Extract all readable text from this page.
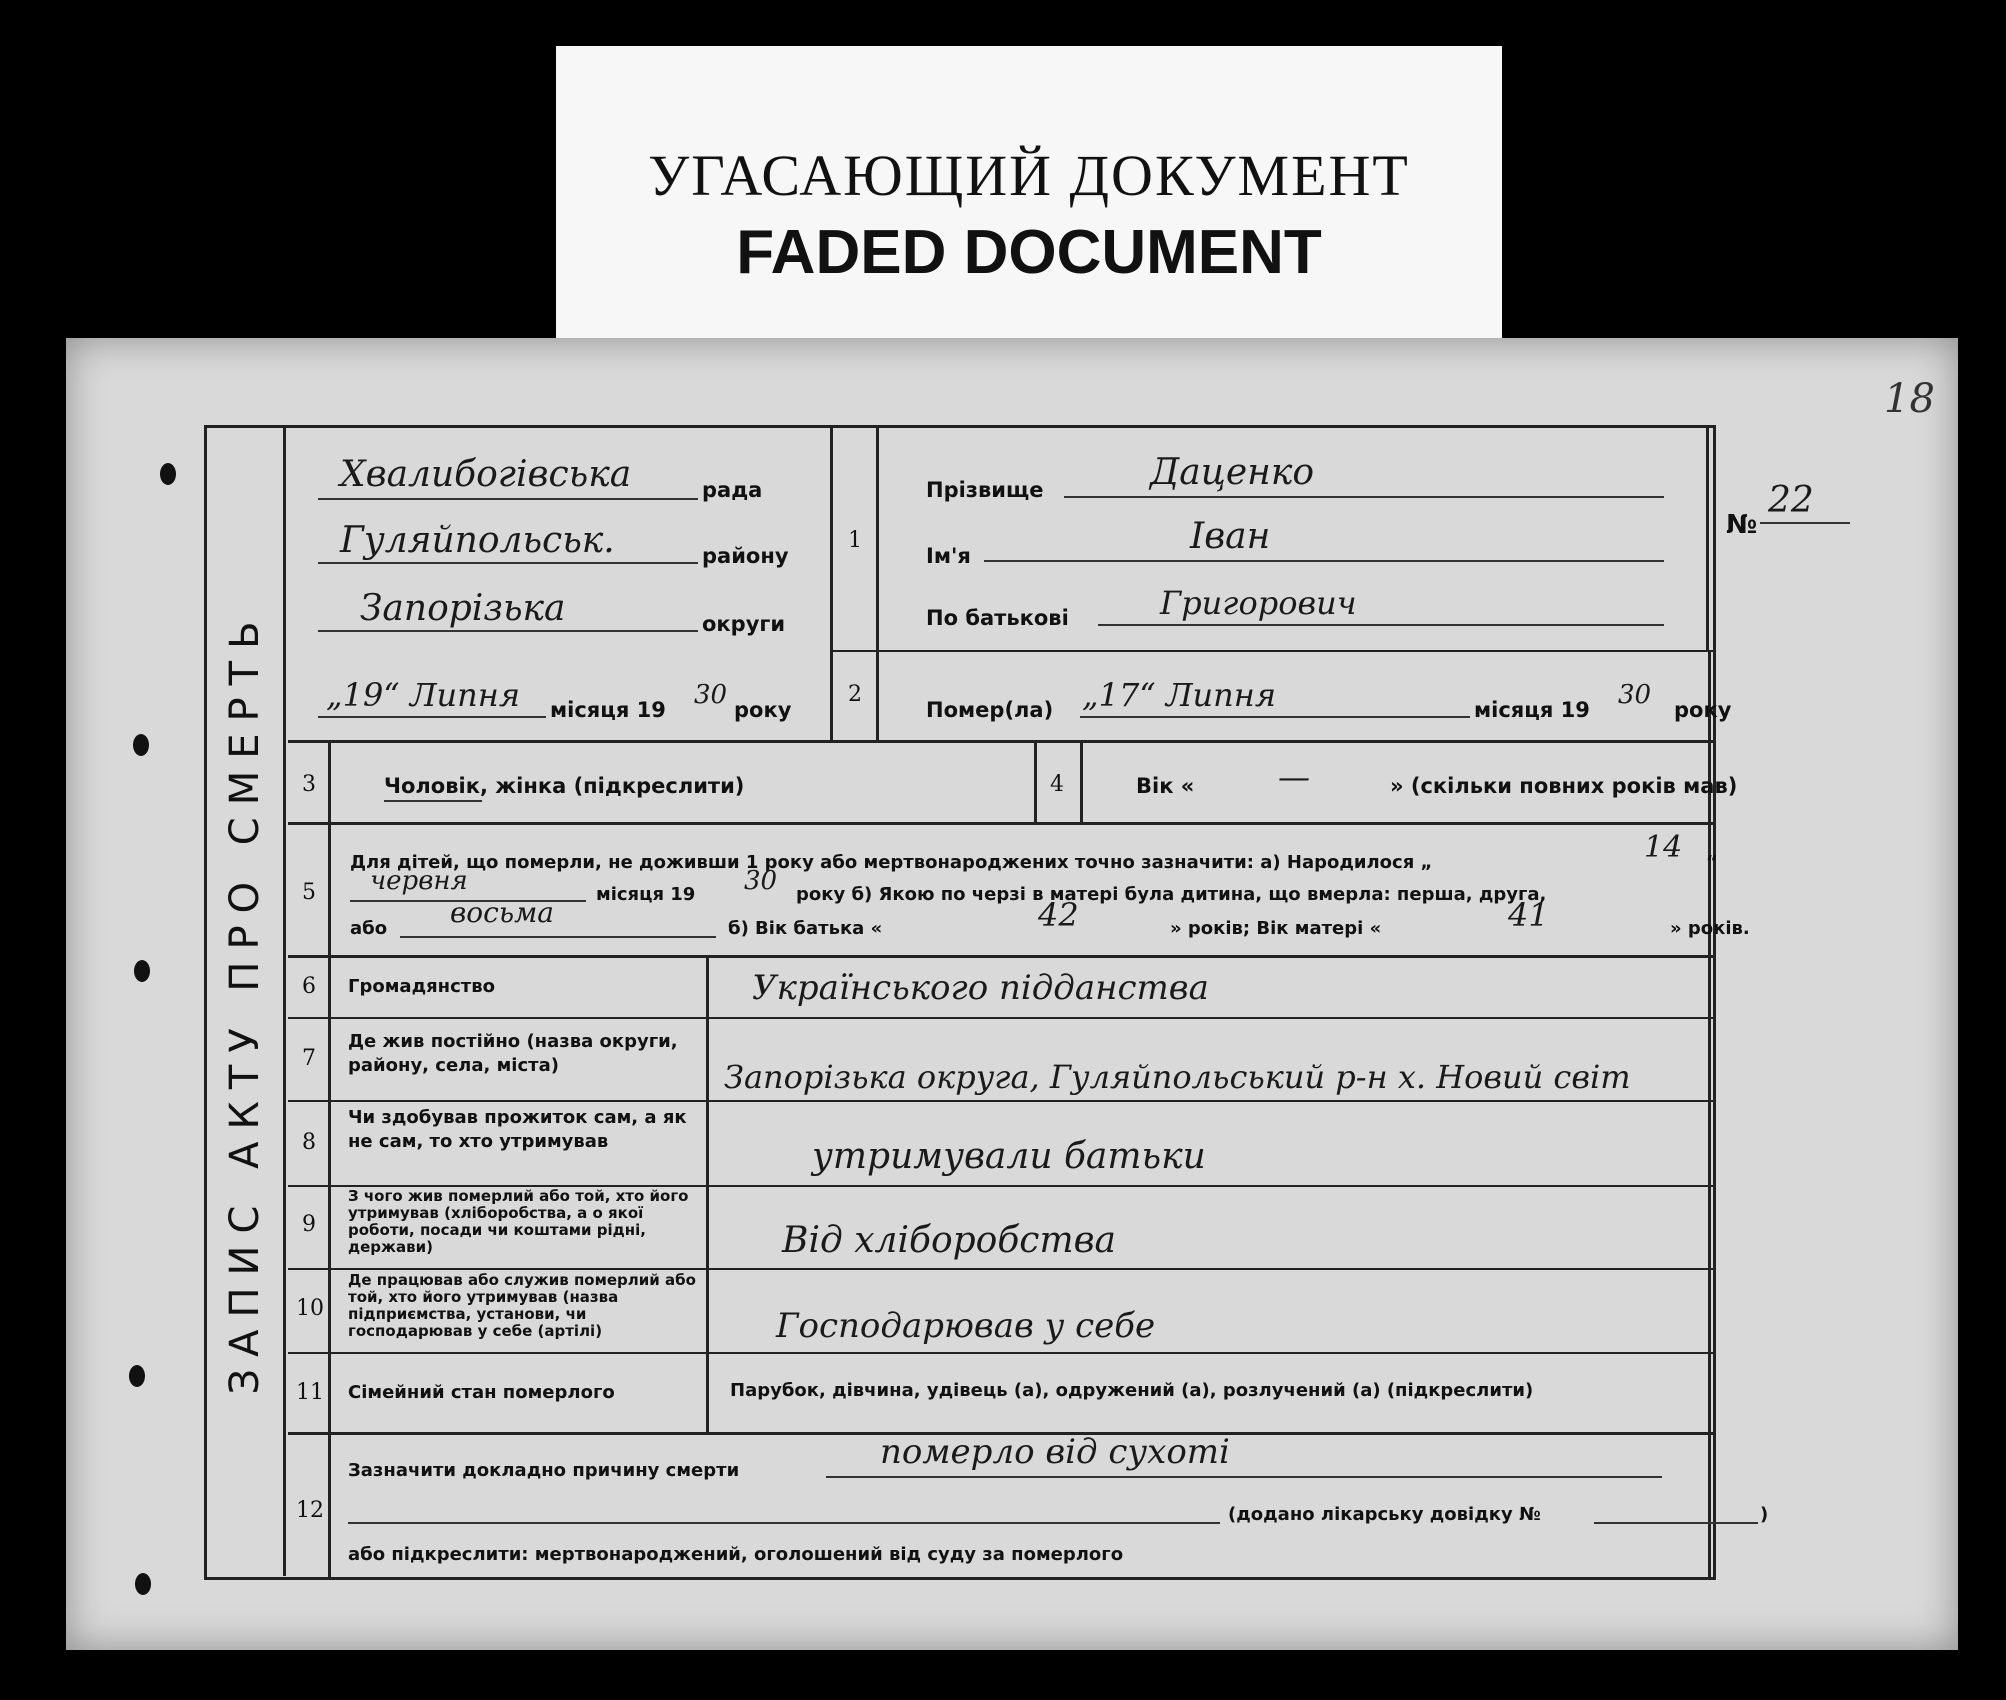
УГАСАЮЩИЙ ДОКУМЕНТ
FADED DOCUMENT
18
ЗАПИС АКТУ ПРО СМЕРТЬ
Хвалибогівська	рада
Гуляйпольськ.	району
Запорізька	округи
„19“ Липня місяця 19 30 року
1
Прізвище	Даценко
Ім'я	Іван
По батькові	Григорович
№
22
2
Помер(ла) „17“ Липня	місяця 19 30 року
3	Чоловік, жінка (підкреслити)	4	Вік «	—	» (скільки повних років мав)
5
Для дітей, що померли, не доживши 1 року або мертвонароджених точно зазначити: а) Народилося „	14 “
червня	місяця 19 30 року б) Якою по черзі в матері була дитина, що вмерла: перша, друга,
або восьма	б) Вік батька «	42	» років; Вік матері «	41	» років.
6 Громадянство	Українського підданства
7
Де жив постійно (назва округи, району, села, міста)	Запорізька округа, Гуляйпольський р-н х. Новий світ
8
Чи здобував прожиток сам, а як не сам, то хто утримував	утримували батьки
9
З чого жив померлий або той, хто його утримував (хліборобства, а о якої роботи, посади чи коштами рідні, держави)	Від хліборобства
10
Де працював або служив померлий або той, хто його утримував (назва підприємства, установи, чи господарював у себе (артілі)	Господарював у себе
11 Сімейний стан померлого	Парубок, дівчина, удівець (а), одружений (а), розлучений (а) (підкреслити)
12
Зазначити докладно причину смерти	померло від сухоті
(додано лікарську довідку №	)
або підкреслити: мертвонароджений, оголошений від суду за померлого
